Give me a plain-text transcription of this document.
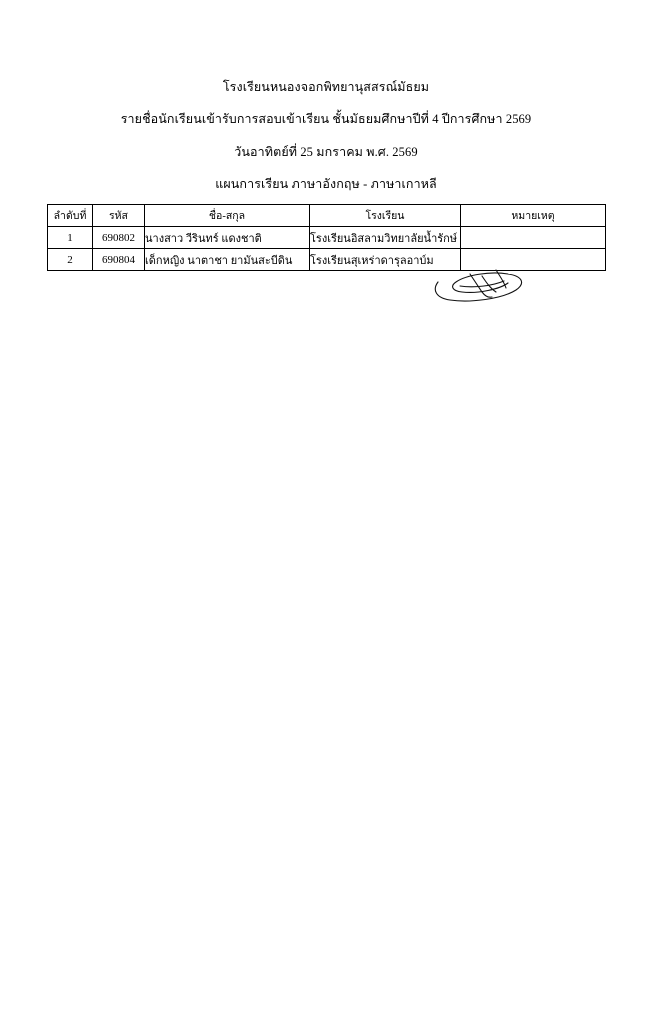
โรงเรียนหนองจอกพิทยานุสสรณ์มัธยม
รายชื่อนักเรียนเข้ารับการสอบเข้าเรียน ชั้นมัธยมศึกษาปีที่ 4 ปีการศึกษา 2569
วันอาทิตย์ที่ 25 มกราคม พ.ศ. 2569
แผนการเรียน ภาษาอังกฤษ - ภาษาเกาหลี
ลำดับที่	รหัส	ชื่อ-สกุล	โรงเรียน	หมายเหตุ
1	690802	นางสาว วีรินทร์ แดงชาติ	โรงเรียนอิสลามวิทยาลัยน้ำรักษ์	
2	690804	เด็กหญิง นาตาชา ยามันสะบีดิน	โรงเรียนสุเหร่าดารุลอาบ์ม	
